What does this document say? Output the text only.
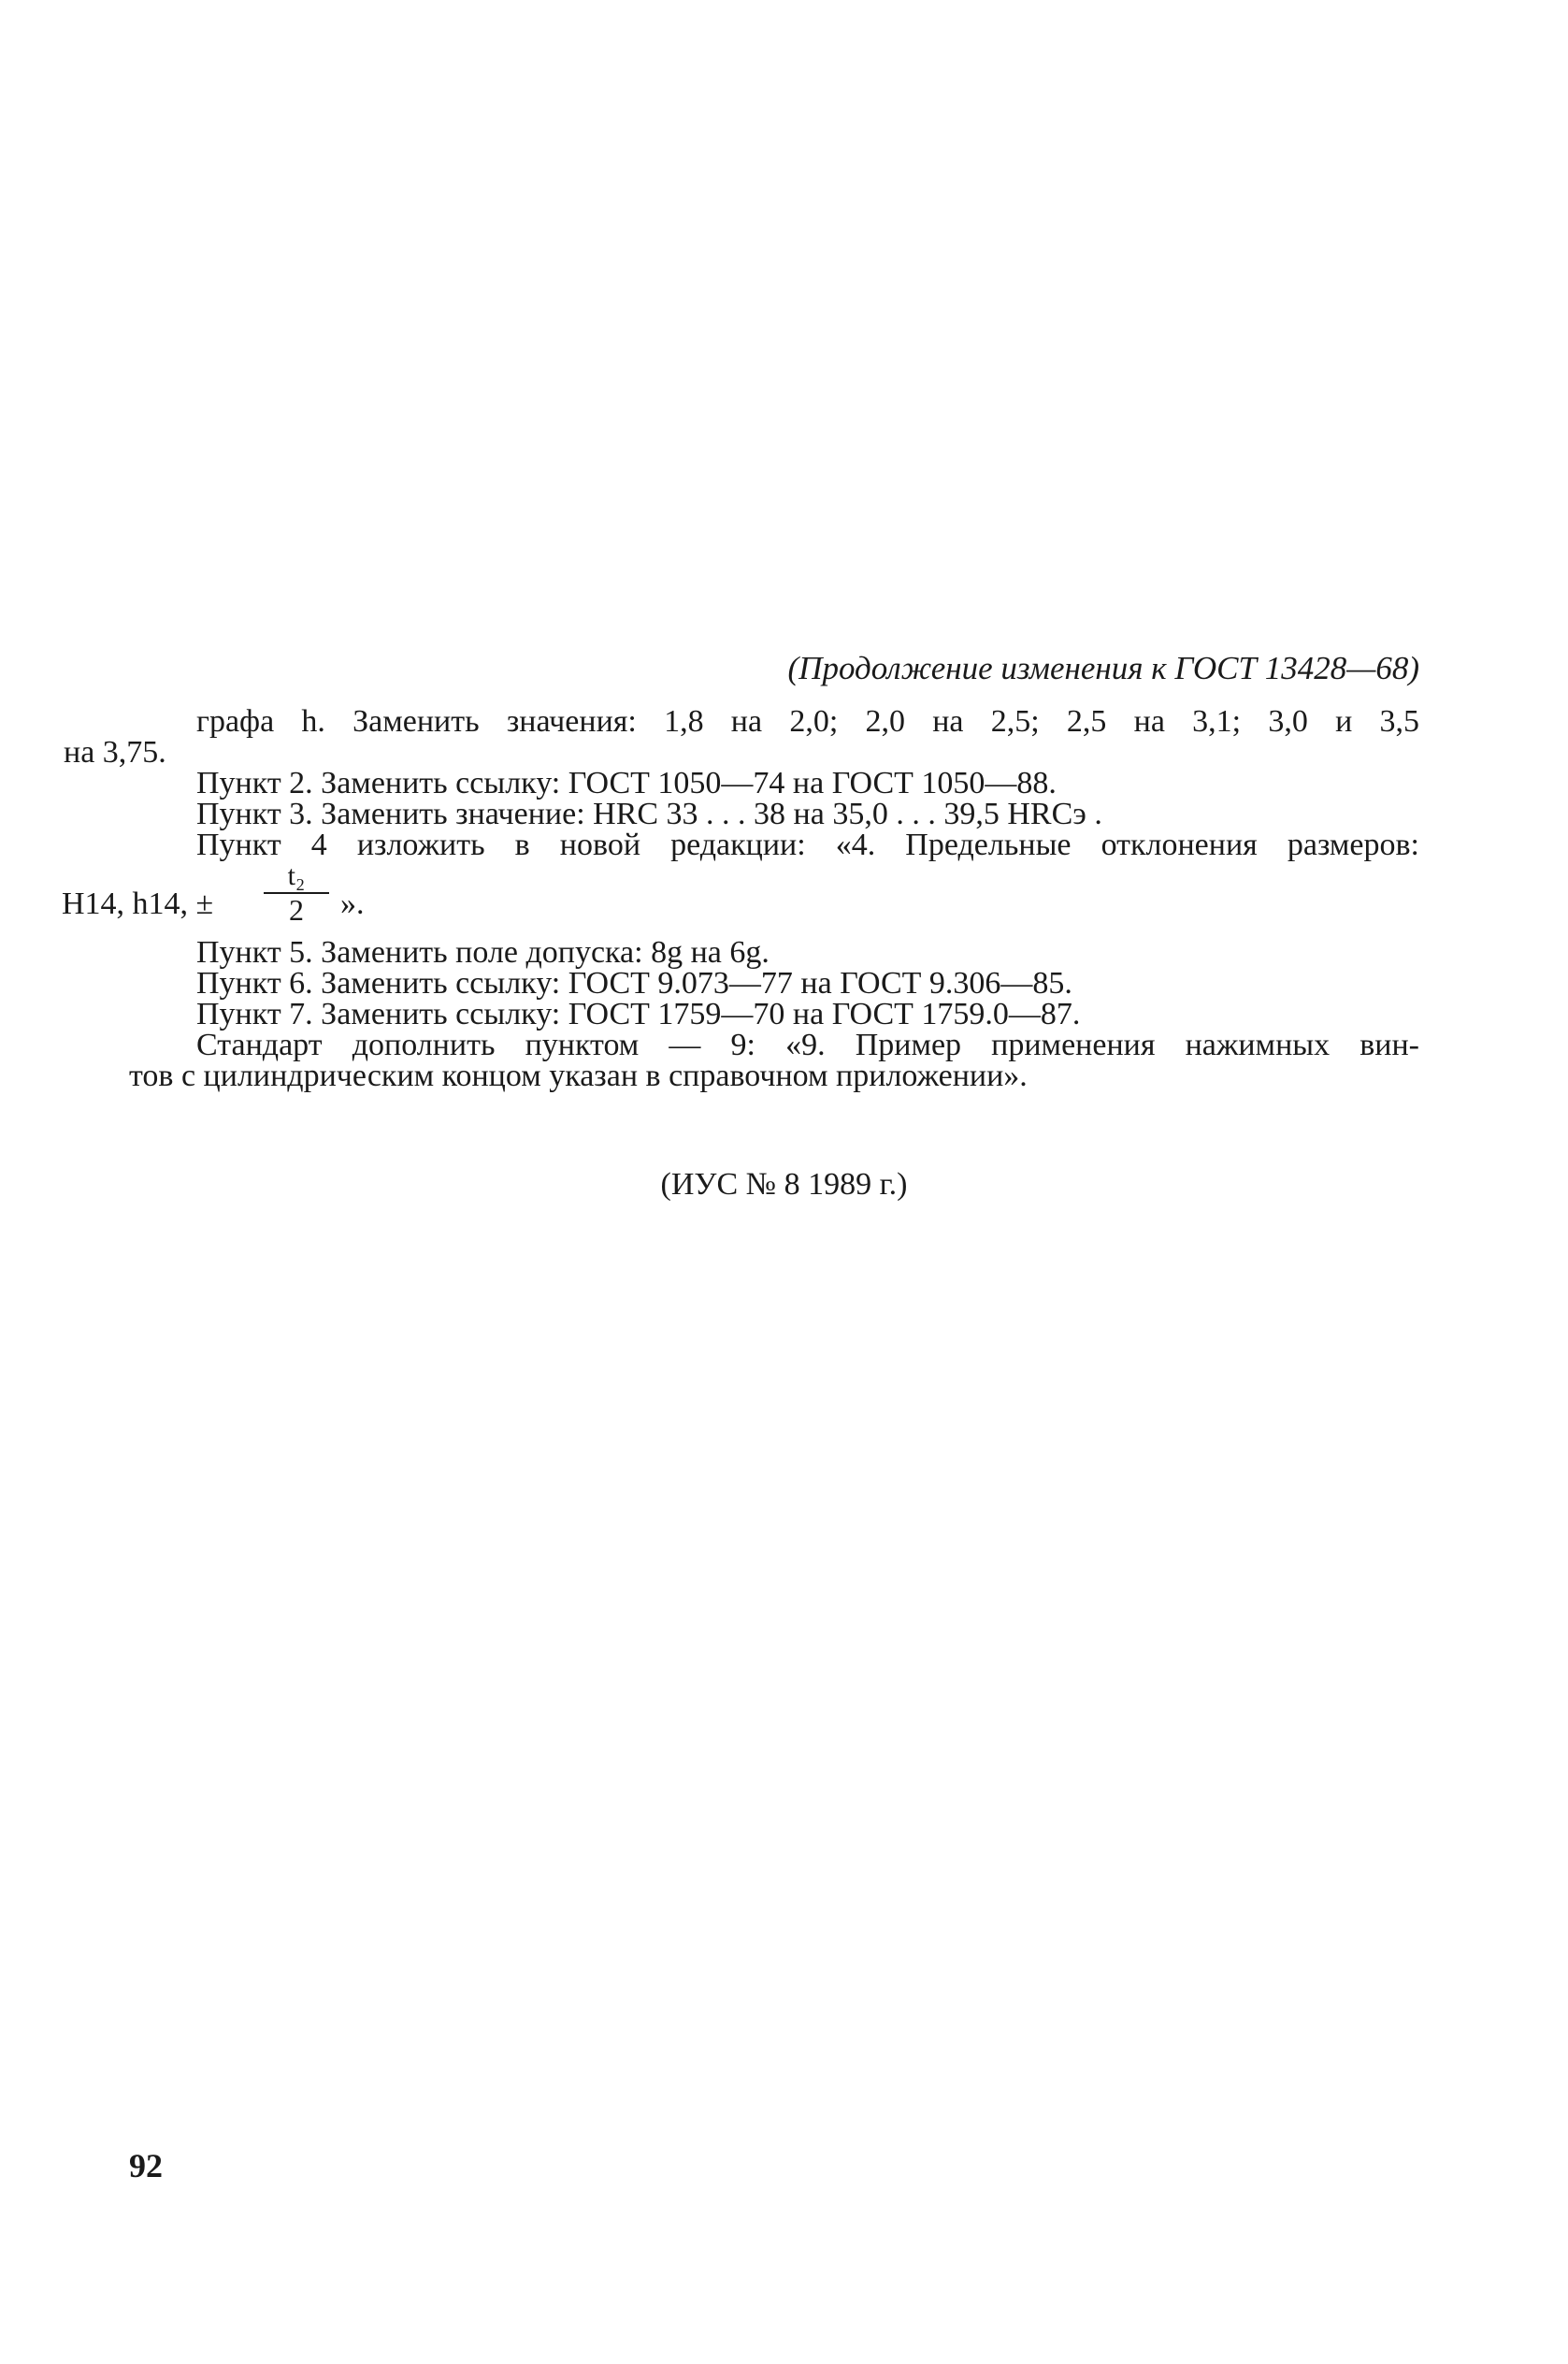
(Продолжение изменения к ГОСТ 13428—68)
графа h. Заменить значения: 1,8 на 2,0; 2,0 на 2,5; 2,5 на 3,1; 3,0 и 3,5
на 3,75.
Пункт 2. Заменить ссылку: ГОСТ 1050—74 на ГОСТ 1050—88.
Пункт 3. Заменить значение: HRC 33 . . . 38 на 35,0 . . . 39,5 HRCэ .
Пункт 4 изложить в новой редакции: «4. Предельные отклонения размеров:
H14, h14, ± $\frac{\text{t₂}}{2}$ ».
Пункт 5. Заменить поле допуска: 8g на 6g.
Пункт 6. Заменить ссылку: ГОСТ 9.073—77 на ГОСТ 9.306—85.
Пункт 7. Заменить ссылку: ГОСТ 1759—70 на ГОСТ 1759.0—87.
Стандарт дополнить пунктом — 9: «9. Пример применения нажимных вин-
тов с цилиндрическим концом указан в справочном приложении».
(ИУС № 8 1989 г.)
92
